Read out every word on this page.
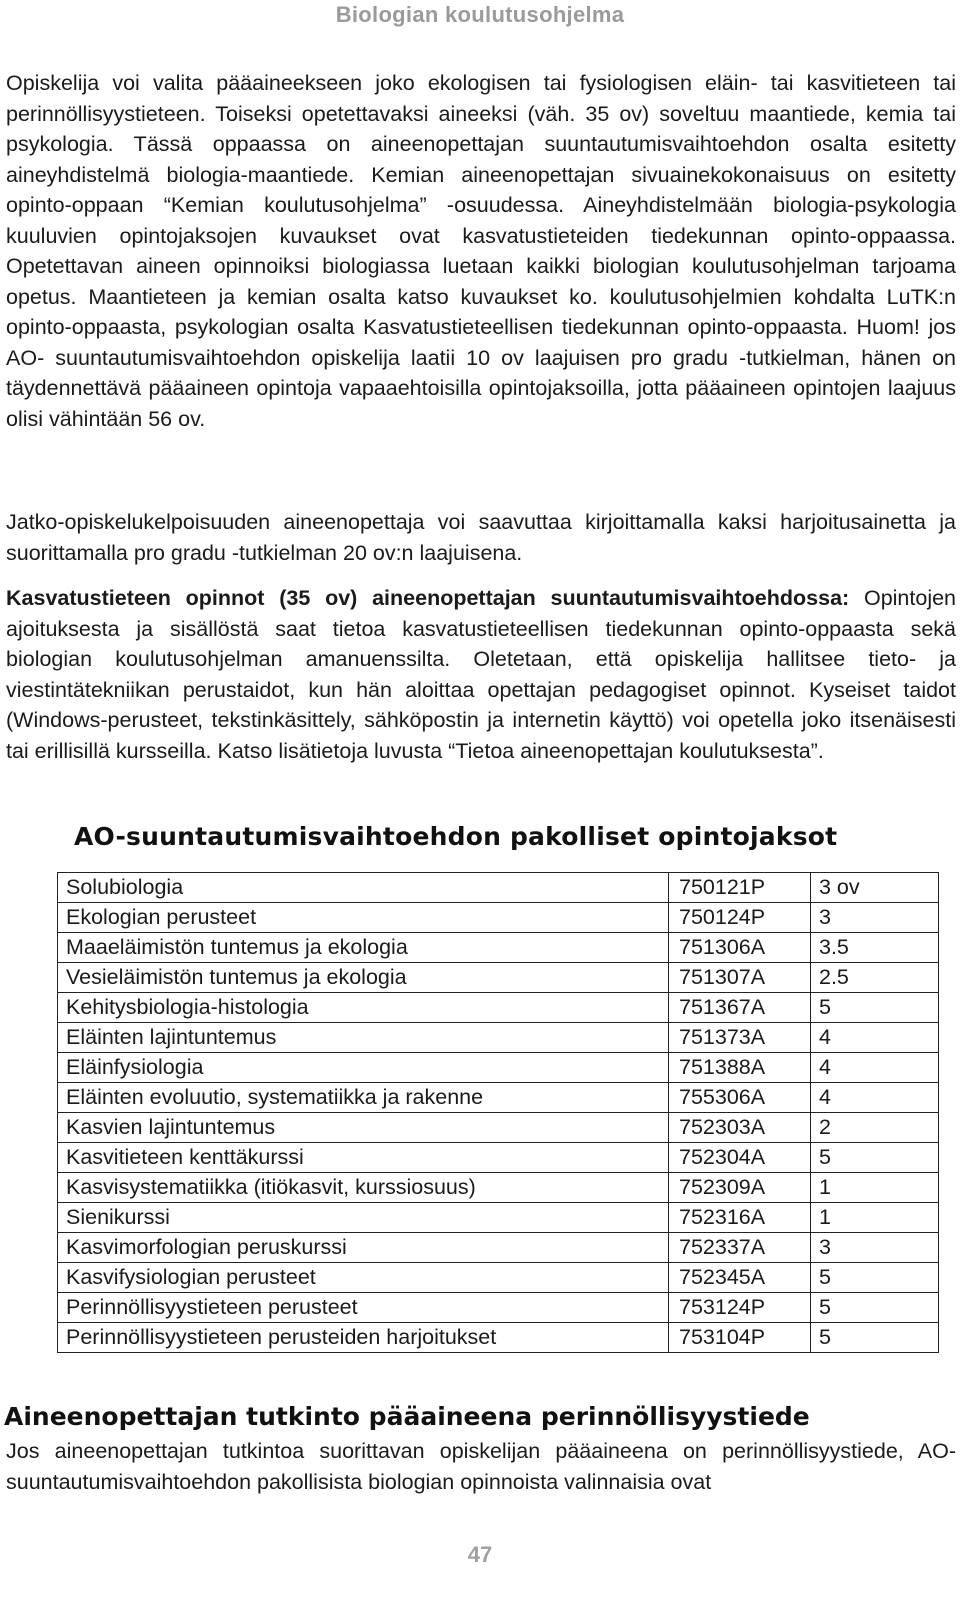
Biologian koulutusohjelma

Opiskelija voi valita pääaineekseen joko ekologisen tai fysiologisen eläin- tai kasvitieteen tai perinnöllisyystieteen. Toiseksi opetettavaksi aineeksi (väh. 35 ov) soveltuu maantiede, kemia tai psykologia. Tässä oppaassa on aineenopettajan suuntautumisvaihtoehdon osalta esitetty aineyhdistelmä biologia-maantiede. Kemian aineenopettajan sivuainekokonaisuus on esitetty opinto-oppaan “Kemian koulutusohjelma” -osuudessa. Aineyhdistelmään biologia-psykologia kuuluvien opintojaksojen kuvaukset ovat kasvatustieteiden tiedekunnan opinto-oppaassa. Opetettavan aineen opinnoiksi biologiassa luetaan kaikki biologian koulutusohjelman tarjoama opetus. Maantieteen ja kemian osalta katso kuvaukset ko. koulutusohjelmien kohdalta LuTK:n opinto-oppaasta, psykologian osalta Kasvatustieteellisen tiedekunnan opinto-oppaasta. Huom! jos AO- suuntautumisvaihtoehdon opiskelija laatii 10 ov laajuisen pro gradu -tutkielman, hänen on täydennettävä pääaineen opintoja vapaaehtoisilla opintojaksoilla, jotta pääaineen opintojen laajuus olisi vähintään 56 ov.

Jatko-opiskelukelpoisuuden aineenopettaja voi saavuttaa kirjoittamalla kaksi harjoitusainetta ja suorittamalla pro gradu -tutkielman 20 ov:n laajuisena.

Kasvatustieteen opinnot (35 ov) aineenopettajan suuntautumisvaihtoehdossa: Opintojen ajoituksesta ja sisällöstä saat tietoa kasvatustieteellisen tiedekunnan opinto-oppaasta sekä biologian koulutusohjelman amanuenssilta. Oletetaan, että opiskelija hallitsee tieto- ja viestintätekniikan perustaidot, kun hän aloittaa opettajan pedagogiset opinnot. Kyseiset taidot (Windows-perusteet, tekstinkäsittely, sähköpostin ja internetin käyttö) voi opetella joko itsenäisesti tai erillisillä kursseilla. Katso lisätietoja luvusta “Tietoa aineenopettajan koulutuksesta”.

AO-suuntautumisvaihtoehdon pakolliset opintojaksot
Solubiologia	750121P	3 ov
Ekologian perusteet	750124P	3
Maaeläimistön tuntemus ja ekologia	751306A	3.5
Vesieläimistön tuntemus ja ekologia	751307A	2.5
Kehitysbiologia-histologia	751367A	5
Eläinten lajintuntemus	751373A	4
Eläinfysiologia	751388A	4
Eläinten evoluutio, systematiikka ja rakenne	755306A	4
Kasvien lajintuntemus	752303A	2
Kasvitieteen kenttäkurssi	752304A	5
Kasvisystematiikka (itiökasvit, kurssiosuus)	752309A	1
Sienikurssi	752316A	1
Kasvimorfologian peruskurssi	752337A	3
Kasvifysiologian perusteet	752345A	5
Perinnöllisyystieteen perusteet	753124P	5
Perinnöllisyystieteen perusteiden harjoitukset	753104P	5
Aineenopettajan tutkinto pääaineena perinnöllisyystiede

Jos aineenopettajan tutkintoa suorittavan opiskelijan pääaineena on perinnöllisyystiede, AO-suuntautumisvaihtoehdon pakollisista biologian opinnoista valinnaisia ovat

47
